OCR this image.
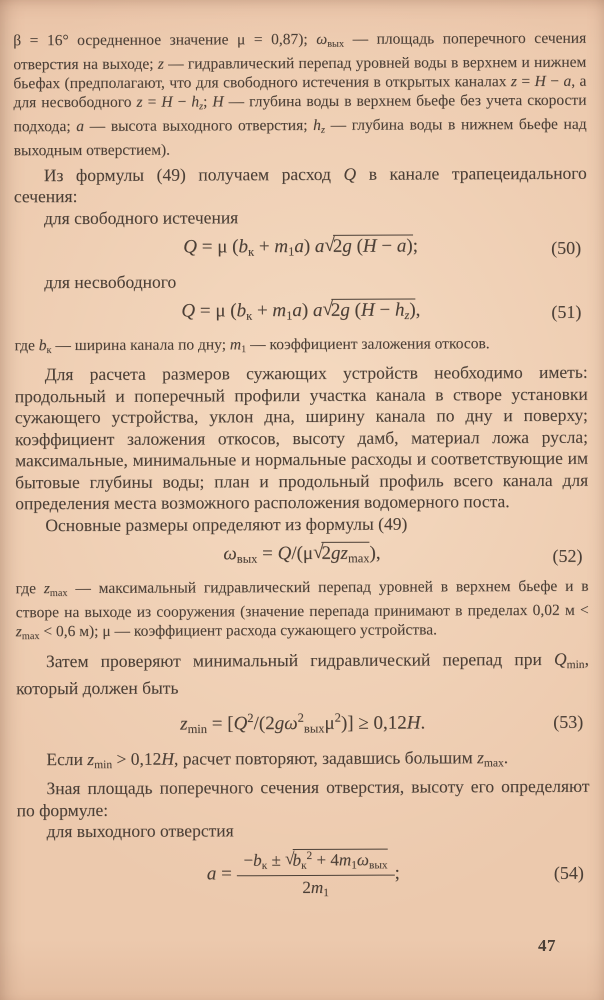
β = 16° осредненное значение μ = 0,87); ωвых — площадь поперечного сечения отверстия на выходе; z — гидравлический перепад уровней воды в верхнем и нижнем бьефах (предполагают, что для свободного истечения в открытых каналах z = H − a, а для несвободного z = H − hz; H — глубина воды в верхнем бьефе без учета скорости подхода; a — высота выходного отверстия; hz — глубина воды в нижнем бьефе над выходным отверстием).

Из формулы (49) получаем расход Q в канале трапецеидального сечения:

для свободного истечения

Q = μ (bк + m1a) a√2g (H − a);	(50)

для несвободного

Q = μ (bк + m1a) a√2g (H − hz),	(51)

где bк — ширина канала по дну; m1 — коэффициент заложения откосов.

Для расчета размеров сужающих устройств необходимо иметь: продольный и поперечный профили участка канала в створе установки сужающего устройства, уклон дна, ширину канала по дну и поверху; коэффициент заложения откосов, высоту дамб, материал ложа русла; максимальные, минимальные и нормальные расходы и соответствующие им бытовые глубины воды; план и продольный профиль всего канала для определения места возможного расположения водомерного поста.

Основные размеры определяют из формулы (49)

ωвых = Q/(μ√2gzmax),	(52)

где zmax — максимальный гидравлический перепад уровней в верхнем бьефе и в створе на выходе из сооружения (значение перепада принимают в пределах 0,02 м < zmax < 0,6 м); μ — коэффициент расхода сужающего устройства.

Затем проверяют минимальный гидравлический перепад при Qmin, который должен быть

$zmin = [Q^2/(2g\omega^2вых\mu^2)] \ge 0,12H$.	(53)

Если zmin > 0,12H, расчет повторяют, задавшись большим zmax.

Зная площадь поперечного сечения отверстия, высоту его определяют по формуле:

для выходного отверстия

$a = \frac{-bк \pm √bк^2 + 4m1\omega вых}{2m1}$ ;	(54)
47
